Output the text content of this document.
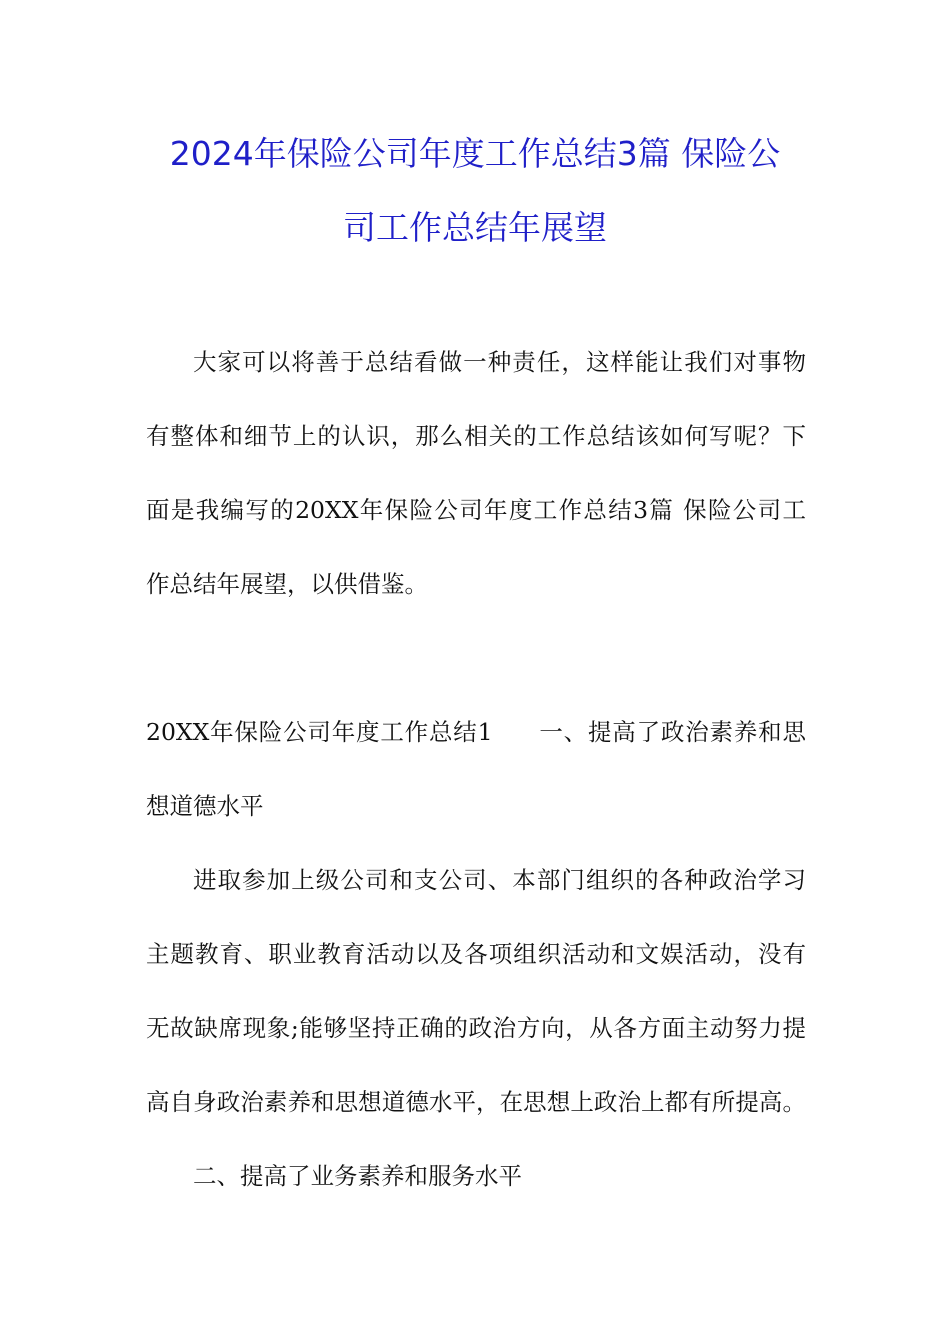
2024年保险公司年度工作总结3篇 保险公
司工作总结年展望
大家可以将善于总结看做一种责任，这样能让我们对事物
有整体和细节上的认识，那么相关的工作总结该如何写呢？下
面是我编写的20XX年保险公司年度工作总结3篇 保险公司工
作总结年展望，以供借鉴。
20XX年保险公司年度工作总结1 一、提高了政治素养和思
想道德水平
进取参加上级公司和支公司、本部门组织的各种政治学习
主题教育、职业教育活动以及各项组织活动和文娱活动，没有
无故缺席现象;能够坚持正确的政治方向，从各方面主动努力提
高自身政治素养和思想道德水平，在思想上政治上都有所提高。
二、提高了业务素养和服务水平
